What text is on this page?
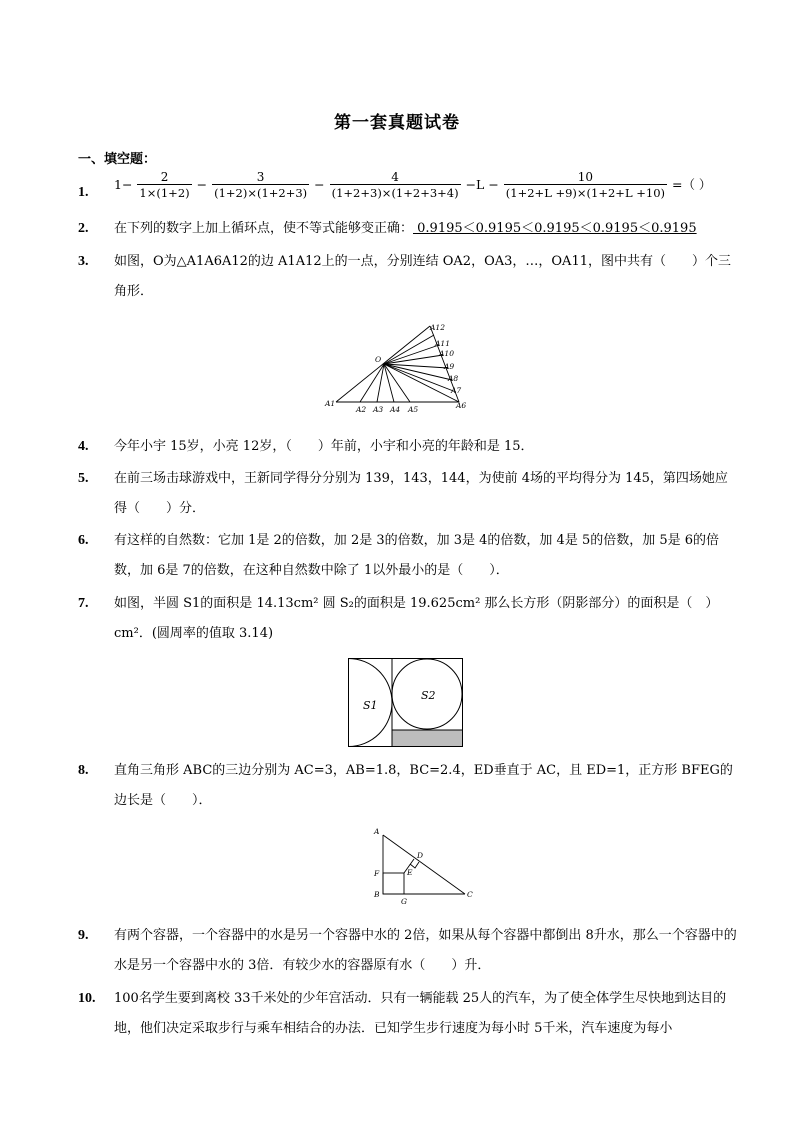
第一套真题试卷
一、填空题：
1.
$1- \frac{2}{1\times(1+2)} - \frac{3}{(1+2)\times(1+2+3)} - \frac{4}{(1+2+3)\times(1+2+3+4)} -L - \frac{10}{(1+2+L +9)\times(1+2+L +10)}$ =（ ）
2. 在下列的数字上加上循环点，使不等式能够变正确： 0.9195＜0.9195＜0.9195＜0.9195＜0.9195
3. 如图，O为△A1A6A12的边 A1A12上的一点，分别连结 OA2，OA3，…，OA11，图中共有（　　）个三角形．
O
A1
A2 A3 A4 A5	A6
A7
A8
A9
A10
A11
A12
4. 今年小宇 15岁，小亮 12岁，（　　）年前，小宇和小亮的年龄和是 15．
5. 在前三场击球游戏中，王新同学得分分别为 139，143，144，为使前 4场的平均得分为 145，第四场她应得（　　）分．
6. 有这样的自然数：它加 1是 2的倍数，加 2是 3的倍数，加 3是 4的倍数，加 4是 5的倍数，加 5是 6的倍数，加 6是 7的倍数，在这种自然数中除了 1以外最小的是（　　）．
7. 如图，半圆 S1的面积是 14.13cm² 圆 S₂的面积是 19.625cm² 那么长方形（阴影部分）的面积是（　）cm²．(圆周率的值取 3.14)
S1
S2
8. 直角三角形 ABC的三边分别为 AC=3，AB=1.8，BC=2.4，ED垂直于 AC，且 ED=1，正方形 BFEG的边长是（　　）．
A
B	C
D
E
F
G
9. 有两个容器，一个容器中的水是另一个容器中水的 2倍，如果从每个容器中都倒出 8升水，那么一个容器中的水是另一个容器中水的 3倍．有较少水的容器原有水（　　）升．
10. 100名学生要到离校 33千米处的少年宫活动．只有一辆能载 25人的汽车，为了使全体学生尽快地到达目的地，他们决定采取步行与乘车相结合的办法．已知学生步行速度为每小时 5千米，汽车速度为每小
